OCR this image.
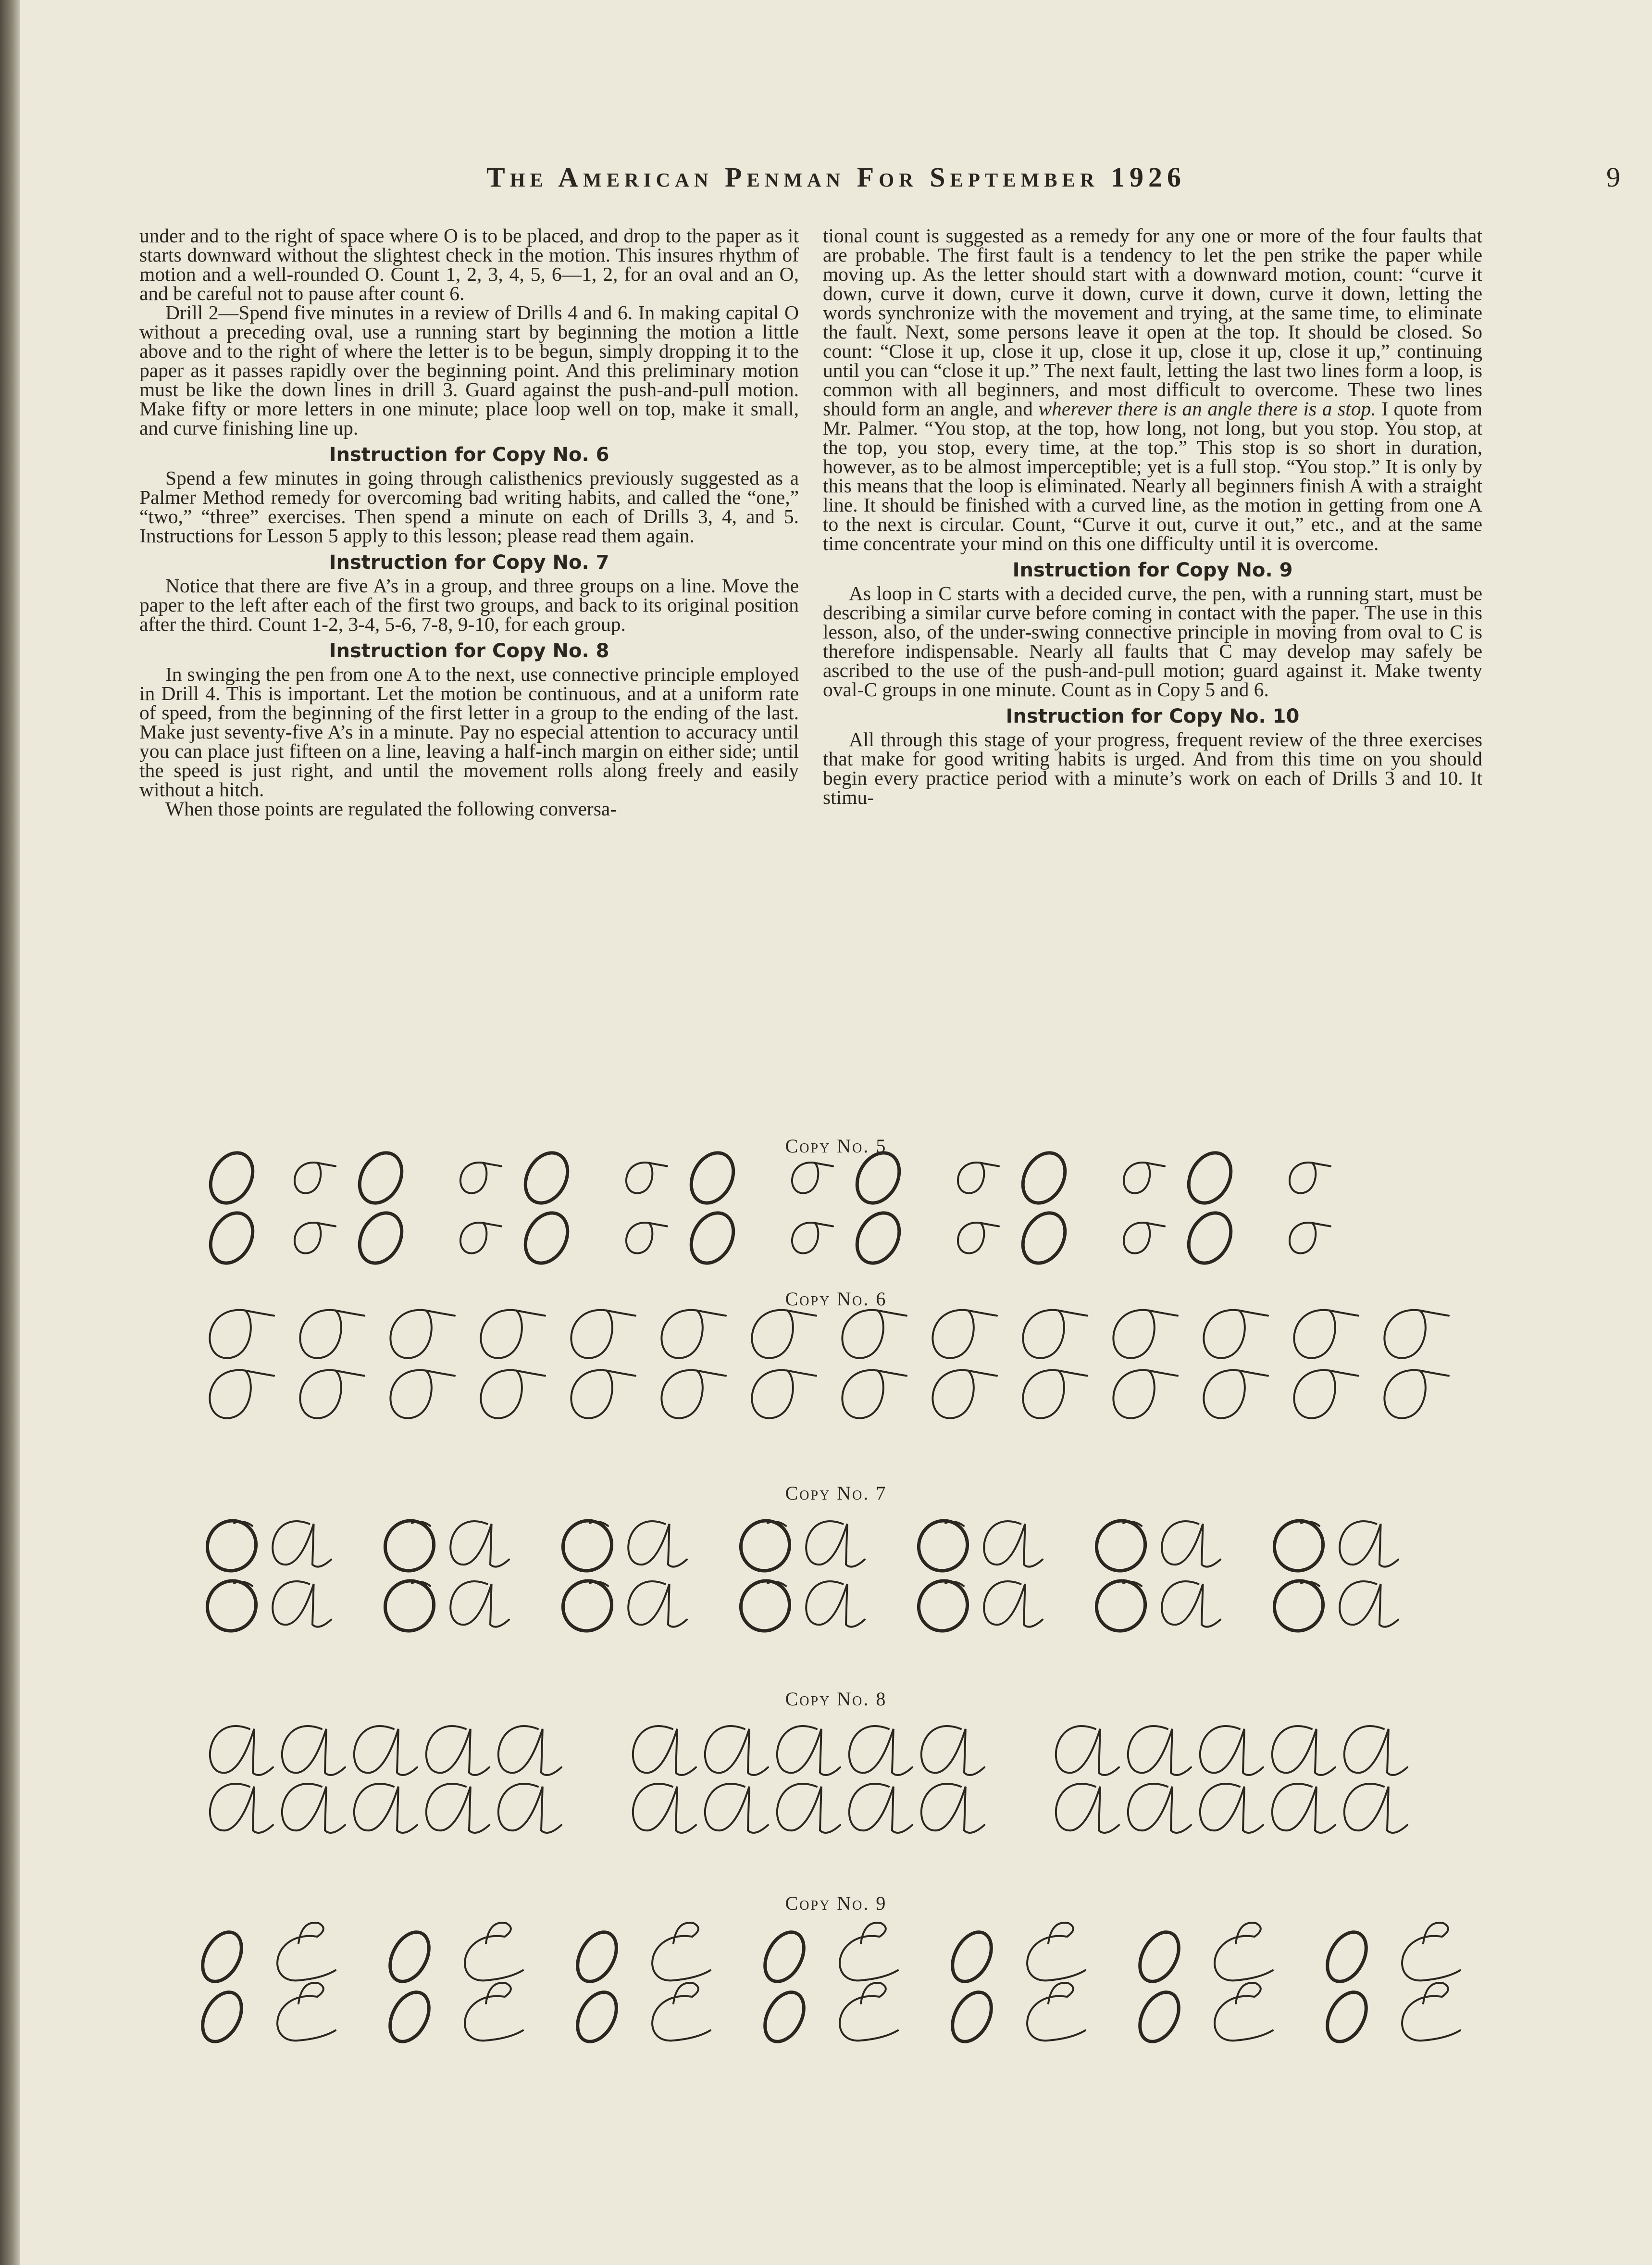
The American Penman For September 1926	9

under and to the right of space where O is to be placed, and drop to the paper as it starts downward without the slightest check in the motion. This insures rhythm of motion and a well-rounded O. Count 1, 2, 3, 4, 5, 6—1, 2, for an oval and an O, and be careful not to pause after count 6.

Drill 2—Spend five minutes in a review of Drills 4 and 6. In making capital O without a preceding oval, use a running start by beginning the motion a little above and to the right of where the letter is to be begun, simply dropping it to the paper as it passes rapidly over the beginning point. And this preliminary motion must be like the down lines in drill 3. Guard against the push-and-pull motion. Make fifty or more letters in one minute; place loop well on top, make it small, and curve finishing line up.

Instruction for Copy No. 6

Spend a few minutes in going through calisthenics previously suggested as a Palmer Method remedy for overcoming bad writing habits, and called the “one,” “two,” “three” exercises. Then spend a minute on each of Drills 3, 4, and 5. Instructions for Lesson 5 apply to this lesson; please read them again.

Instruction for Copy No. 7

Notice that there are five A’s in a group, and three groups on a line. Move the paper to the left after each of the first two groups, and back to its original position after the third. Count 1-2, 3-4, 5-6, 7-8, 9-10, for each group.

Instruction for Copy No. 8

In swinging the pen from one A to the next, use connective principle employed in Drill 4. This is important. Let the motion be continuous, and at a uniform rate of speed, from the beginning of the first letter in a group to the ending of the last. Make just seventy-five A’s in a minute. Pay no especial attention to accuracy until you can place just fifteen on a line, leaving a half-inch margin on either side; until the speed is just right, and until the movement rolls along freely and easily without a hitch.

When those points are regulated the following conversa-

tional count is suggested as a remedy for any one or more of the four faults that are probable. The first fault is a tendency to let the pen strike the paper while moving up. As the letter should start with a downward motion, count: “curve it down, curve it down, curve it down, curve it down, curve it down, letting the words synchronize with the movement and trying, at the same time, to eliminate the fault. Next, some persons leave it open at the top. It should be closed. So count: “Close it up, close it up, close it up, close it up, close it up,” continuing until you can “close it up.” The next fault, letting the last two lines form a loop, is common with all beginners, and most difficult to overcome. These two lines should form an angle, and wherever there is an angle there is a stop. I quote from Mr. Palmer. “You stop, at the top, how long, not long, but you stop. You stop, at the top, you stop, every time, at the top.” This stop is so short in duration, however, as to be almost imperceptible; yet is a full stop. “You stop.” It is only by this means that the loop is eliminated. Nearly all beginners finish A with a straight line. It should be finished with a curved line, as the motion in getting from one A to the next is circular. Count, “Curve it out, curve it out,” etc., and at the same time concentrate your mind on this one difficulty until it is overcome.

Instruction for Copy No. 9

As loop in C starts with a decided curve, the pen, with a running start, must be describing a similar curve before coming in contact with the paper. The use in this lesson, also, of the under-swing connective principle in moving from oval to C is therefore indispensable. Nearly all faults that C may develop may safely be ascribed to the use of the push-and-pull motion; guard against it. Make twenty oval-C groups in one minute. Count as in Copy 5 and 6.

Instruction for Copy No. 10

All through this stage of your progress, frequent review of the three exercises that make for good writing habits is urged. And from this time on you should begin every practice period with a minute’s work on each of Drills 3 and 10. It stimu-

Copy No. 5
Copy No. 6
Copy No. 7
Copy No. 8
Copy No. 9
